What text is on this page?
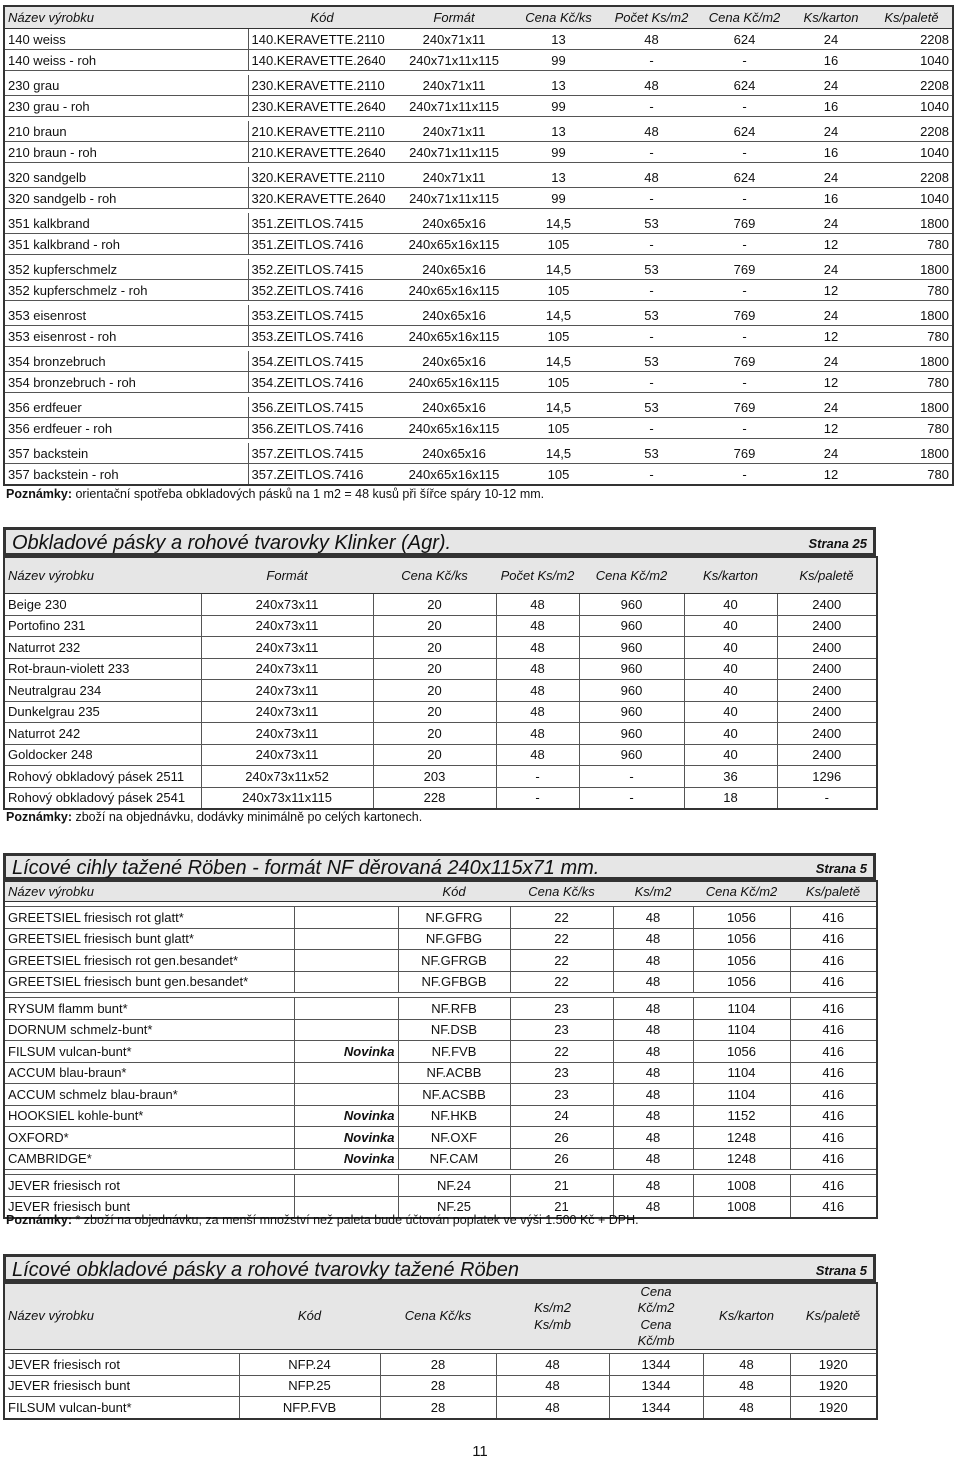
Název výrobku	Kód	Formát	Cena Kč/ks	Počet Ks/m2	Cena Kč/m2	Ks/karton	Ks/paletě
140 weiss	140.KERAVETTE.2110	240x71x11	13	48	624	24	2208
140 weiss - roh	140.KERAVETTE.2640	240x71x11x115	99	-	-	16	1040

230 grau	230.KERAVETTE.2110	240x71x11	13	48	624	24	2208
230 grau - roh	230.KERAVETTE.2640	240x71x11x115	99	-	-	16	1040

210 braun	210.KERAVETTE.2110	240x71x11	13	48	624	24	2208
210 braun - roh	210.KERAVETTE.2640	240x71x11x115	99	-	-	16	1040

320 sandgelb	320.KERAVETTE.2110	240x71x11	13	48	624	24	2208
320 sandgelb - roh	320.KERAVETTE.2640	240x71x11x115	99	-	-	16	1040

351 kalkbrand	351.ZEITLOS.7415	240x65x16	14,5	53	769	24	1800
351 kalkbrand - roh	351.ZEITLOS.7416	240x65x16x115	105	-	-	12	780

352 kupferschmelz	352.ZEITLOS.7415	240x65x16	14,5	53	769	24	1800
352 kupferschmelz - roh	352.ZEITLOS.7416	240x65x16x115	105	-	-	12	780

353 eisenrost	353.ZEITLOS.7415	240x65x16	14,5	53	769	24	1800
353 eisenrost - roh	353.ZEITLOS.7416	240x65x16x115	105	-	-	12	780

354 bronzebruch	354.ZEITLOS.7415	240x65x16	14,5	53	769	24	1800
354 bronzebruch - roh	354.ZEITLOS.7416	240x65x16x115	105	-	-	12	780

356 erdfeuer	356.ZEITLOS.7415	240x65x16	14,5	53	769	24	1800
356 erdfeuer - roh	356.ZEITLOS.7416	240x65x16x115	105	-	-	12	780

357 backstein	357.ZEITLOS.7415	240x65x16	14,5	53	769	24	1800
357 backstein - roh	357.ZEITLOS.7416	240x65x16x115	105	-	-	12	780
Poznámky: orientační spotřeba obkladových pásků na 1 m2 = 48 kusů při šířce spáry 10-12 mm.
Obkladové pásky a rohové tvarovky Klinker (Agr).	Strana 25
Název výrobku	Formát	Cena Kč/ks	Počet Ks/m2	Cena Kč/m2	Ks/karton	Ks/paletě
Beige 230	240x73x11	20	48	960	40	2400
Portofino 231	240x73x11	20	48	960	40	2400
Naturrot 232	240x73x11	20	48	960	40	2400
Rot-braun-violett 233	240x73x11	20	48	960	40	2400
Neutralgrau 234	240x73x11	20	48	960	40	2400
Dunkelgrau 235	240x73x11	20	48	960	40	2400
Naturrot 242	240x73x11	20	48	960	40	2400
Goldocker 248	240x73x11	20	48	960	40	2400
Rohový obkladový pásek 2511	240x73x11x52	203	-	-	36	1296
Rohový obkladový pásek 2541	240x73x11x115	228	-	-	18	-
Poznámky: zboží na objednávku, dodávky minimálně po celých kartonech.
Lícové cihly tažené Röben - formát NF děrovaná 240x115x71 mm.	Strana 5
Název výrobku		Kód	Cena Kč/ks	Ks/m2	Cena Kč/m2	Ks/paletě

GREETSIEL friesisch rot glatt*		NF.GFRG	22	48	1056	416
GREETSIEL friesisch bunt glatt*		NF.GFBG	22	48	1056	416
GREETSIEL friesisch rot gen.besandet*		NF.GFRGB	22	48	1056	416
GREETSIEL friesisch bunt gen.besandet*		NF.GFBGB	22	48	1056	416

RYSUM flamm bunt*		NF.RFB	23	48	1104	416
DORNUM schmelz-bunt*		NF.DSB	23	48	1104	416
FILSUM vulcan-bunt*	Novinka	NF.FVB	22	48	1056	416
ACCUM blau-braun*		NF.ACBB	23	48	1104	416
ACCUM schmelz blau-braun*		NF.ACSBB	23	48	1104	416
HOOKSIEL kohle-bunt*	Novinka	NF.HKB	24	48	1152	416
OXFORD*	Novinka	NF.OXF	26	48	1248	416
CAMBRIDGE*	Novinka	NF.CAM	26	48	1248	416

JEVER friesisch rot		NF.24	21	48	1008	416
JEVER friesisch bunt		NF.25	21	48	1008	416
Poznámky: * zboží na objednávku, za menší množství než paleta bude účtován poplatek ve výši 1.500 Kč + DPH.
Lícové obkladové pásky a rohové tvarovky tažené Röben	Strana 5
Název výrobku	Kód	Cena Kč/ks	Ks/m2 Ks/mb	Cena Kč/m2 Cena Kč/mb	Ks/karton	Ks/paletě

JEVER friesisch rot	NFP.24	28	48	1344	48	1920
JEVER friesisch bunt	NFP.25	28	48	1344	48	1920
FILSUM vulcan-bunt*	NFP.FVB	28	48	1344	48	1920
11
